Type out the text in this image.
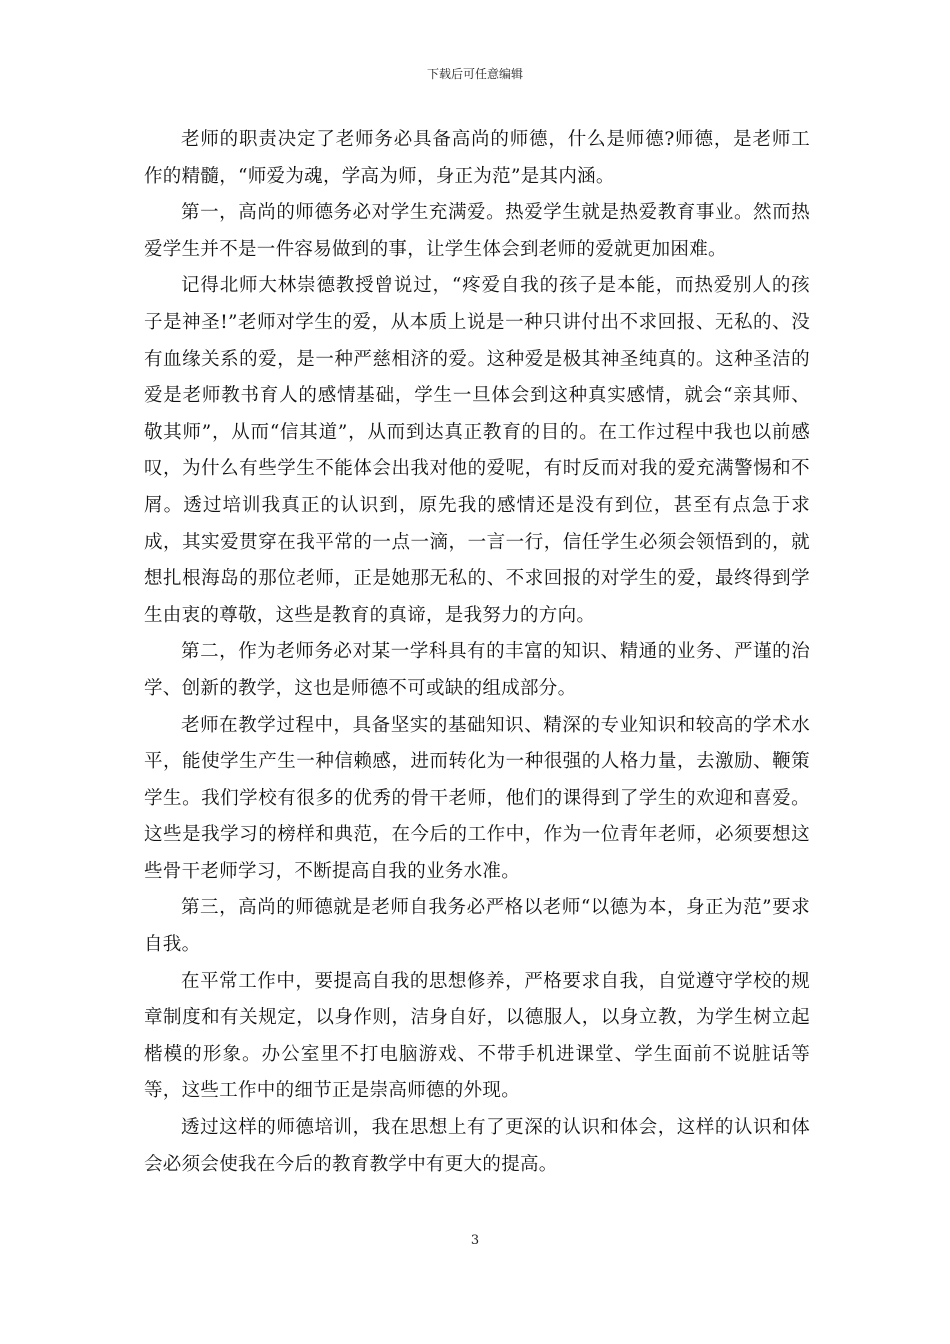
下载后可任意编辑

老师的职责决定了老师务必具备高尚的师德，什么是师德?师德，是老师工作的精髓，“师爱为魂，学高为师，身正为范”是其内涵。

第一，高尚的师德务必对学生充满爱。热爱学生就是热爱教育事业。然而热爱学生并不是一件容易做到的事，让学生体会到老师的爱就更加困难。

记得北师大林崇德教授曾说过，“疼爱自我的孩子是本能，而热爱别人的孩子是神圣!”老师对学生的爱，从本质上说是一种只讲付出不求回报、无私的、没有血缘关系的爱，是一种严慈相济的爱。这种爱是极其神圣纯真的。这种圣洁的爱是老师教书育人的感情基础，学生一旦体会到这种真实感情，就会“亲其师、敬其师”，从而“信其道”，从而到达真正教育的目的。在工作过程中我也以前感叹，为什么有些学生不能体会出我对他的爱呢，有时反而对我的爱充满警惕和不屑。透过培训我真正的认识到，原先我的感情还是没有到位，甚至有点急于求成，其实爱贯穿在我平常的一点一滴，一言一行，信任学生必须会领悟到的，就想扎根海岛的那位老师，正是她那无私的、不求回报的对学生的爱，最终得到学生由衷的尊敬，这些是教育的真谛，是我努力的方向。

第二，作为老师务必对某一学科具有的丰富的知识、精通的业务、严谨的治学、创新的教学，这也是师德不可或缺的组成部分。

老师在教学过程中，具备坚实的基础知识、精深的专业知识和较高的学术水平，能使学生产生一种信赖感，进而转化为一种很强的人格力量，去激励、鞭策学生。我们学校有很多的优秀的骨干老师，他们的课得到了学生的欢迎和喜爱。这些是我学习的榜样和典范，在今后的工作中，作为一位青年老师，必须要想这些骨干老师学习，不断提高自我的业务水准。

第三，高尚的师德就是老师自我务必严格以老师“以德为本，身正为范”要求自我。

在平常工作中，要提高自我的思想修养，严格要求自我，自觉遵守学校的规章制度和有关规定，以身作则，洁身自好，以德服人，以身立教，为学生树立起楷模的形象。办公室里不打电脑游戏、不带手机进课堂、学生面前不说脏话等等，这些工作中的细节正是崇高师德的外现。

透过这样的师德培训，我在思想上有了更深的认识和体会，这样的认识和体会必须会使我在今后的教育教学中有更大的提高。

3
